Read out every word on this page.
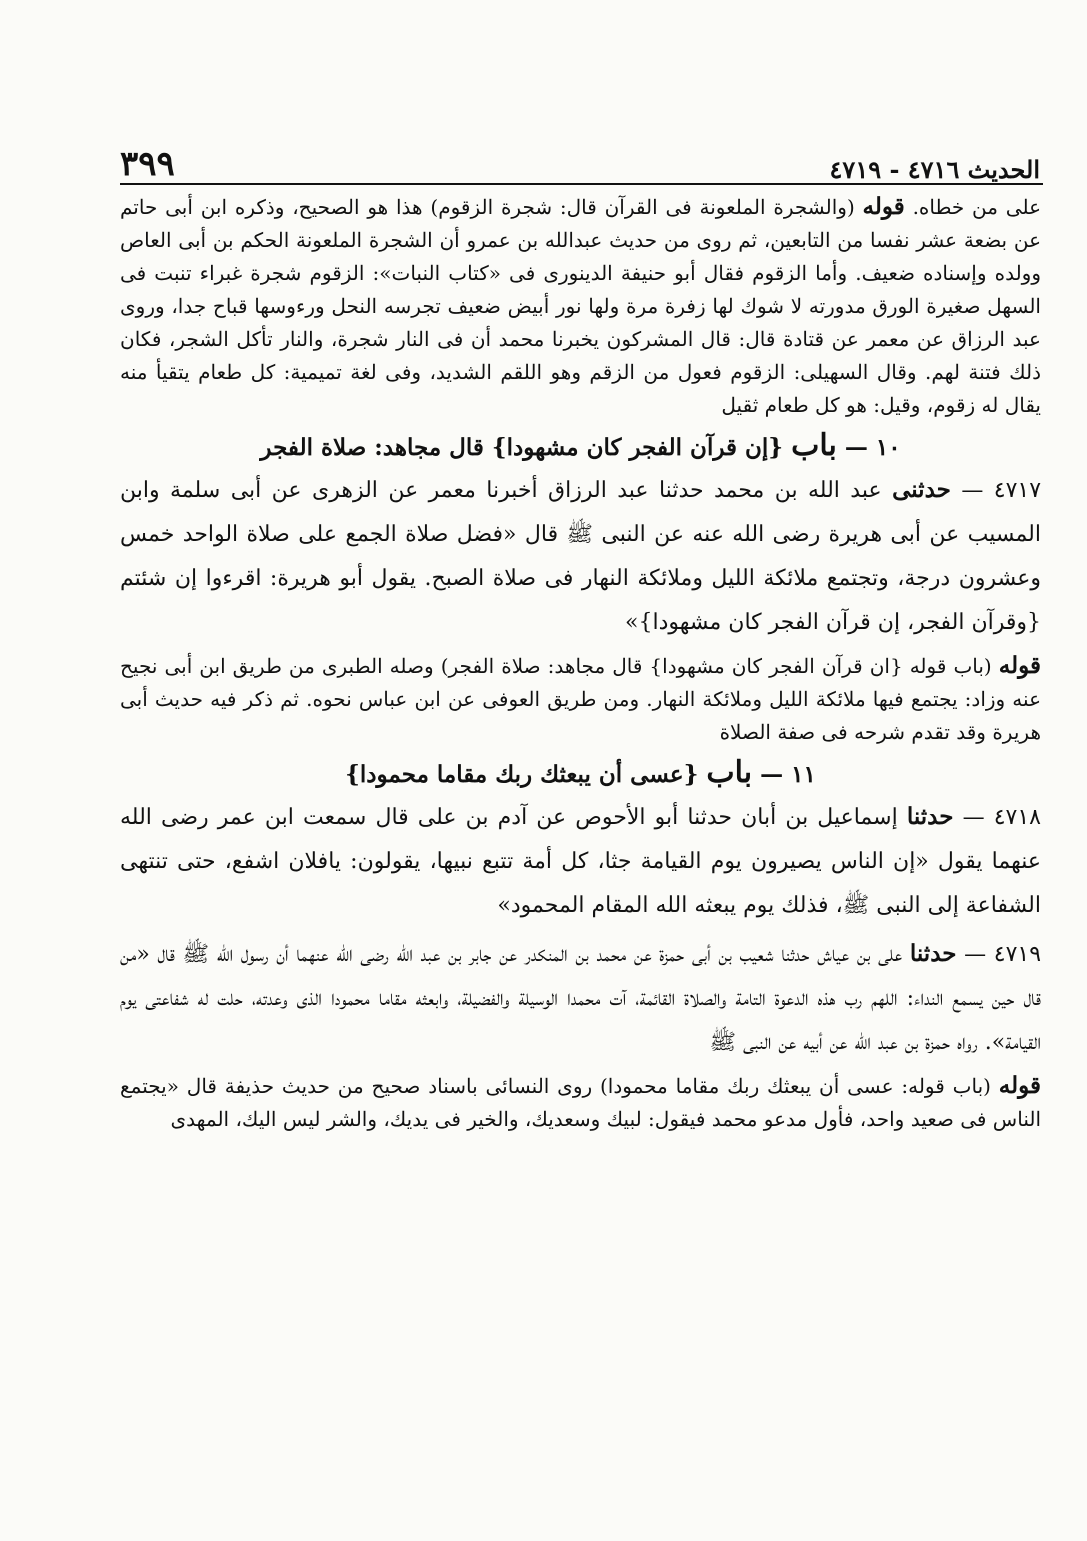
الحديث ٤٧١٦ - ٤٧١٩
٣٩٩

على من خطاه. قوله (والشجرة الملعونة فى القرآن قال: شجرة الزقوم) هذا هو الصحيح، وذكره ابن أبى حاتم عن بضعة عشر نفسا من التابعين، ثم روى من حديث عبدالله بن عمرو أن الشجرة الملعونة الحكم بن أبى العاص وولده وإسناده ضعيف. وأما الزقوم فقال أبو حنيفة الدينورى فى «كتاب النبات»: الزقوم شجرة غبراء تنبت فى السهل صغيرة الورق مدورته لا شوك لها زفرة مرة ولها نور أبيض ضعيف تجرسه النحل ورءوسها قباح جدا، وروى عبد الرزاق عن معمر عن قتادة قال: قال المشركون يخبرنا محمد أن فى النار شجرة، والنار تأكل الشجر، فكان ذلك فتنة لهم. وقال السهيلى: الزقوم فعول من الزقم وهو اللقم الشديد، وفى لغة تميمية: كل طعام يتقيأ منه يقال له زقوم، وقيل: هو كل طعام ثقيل

١٠ — باب {إن قرآن الفجر كان مشهودا} قال مجاهد: صلاة الفجر

٤٧١٧ — حدثنى عبد الله بن محمد حدثنا عبد الرزاق أخبرنا معمر عن الزهرى عن أبى سلمة وابن المسيب عن أبى هريرة رضى الله عنه عن النبى ﷺ قال «فضل صلاة الجمع على صلاة الواحد خمس وعشرون درجة، وتجتمع ملائكة الليل وملائكة النهار فى صلاة الصبح. يقول أبو هريرة: اقرءوا إن شئتم {وقرآن الفجر، إن قرآن الفجر كان مشهودا}»

قوله (باب قوله {ان قرآن الفجر كان مشهودا} قال مجاهد: صلاة الفجر) وصله الطبرى من طريق ابن أبى نجيح عنه وزاد: يجتمع فيها ملائكة الليل وملائكة النهار. ومن طريق العوفى عن ابن عباس نحوه. ثم ذكر فيه حديث أبى هريرة وقد تقدم شرحه فى صفة الصلاة

١١ — باب {عسى أن يبعثك ربك مقاما محمودا}

٤٧١٨ — حدثنا إسماعيل بن أبان حدثنا أبو الأحوص عن آدم بن على قال سمعت ابن عمر رضى الله عنهما يقول «إن الناس يصيرون يوم القيامة جثا، كل أمة تتبع نبيها، يقولون: يافلان اشفع، حتى تنتهى الشفاعة إلى النبى ﷺ، فذلك يوم يبعثه الله المقام المحمود»

٤٧١٩ — حدثنا على بن عياش حدثنا شعيب بن أبى حمزة عن محمد بن المنكدر عن جابر بن عبد الله رضى الله عنهما أن رسول الله ﷺ قال «من قال حين يسمع النداء: اللهم رب هذه الدعوة التامة والصلاة القائمة، آت محمدا الوسيلة والفضيلة، وابعثه مقاما محمودا الذى وعدته، حلت له شفاعتى يوم القيامة». رواه حمزة بن عبد الله عن أبيه عن النبى ﷺ

قوله (باب قوله: عسى أن يبعثك ربك مقاما محمودا) روى النسائى باسناد صحيح من حديث حذيفة قال «يجتمع الناس فى صعيد واحد، فأول مدعو محمد فيقول: لبيك وسعديك، والخير فى يديك، والشر ليس اليك، المهدى
